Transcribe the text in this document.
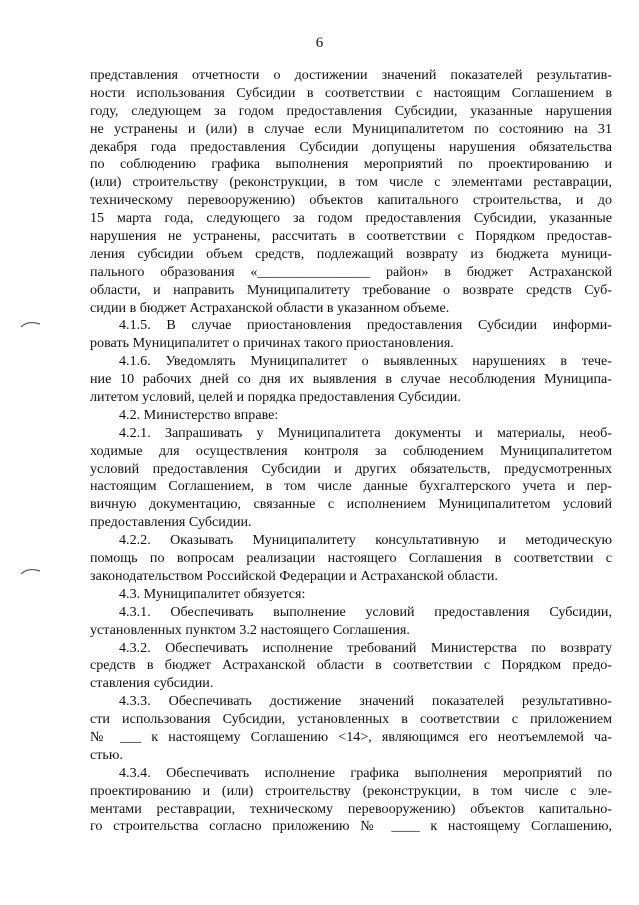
6
представления отчетности о достижении значений показателей результатив-
ности использования Субсидии в соответствии с настоящим Соглашением в
году, следующем за годом предоставления Субсидии, указанные нарушения
не устранены и (или) в случае если Муниципалитетом по состоянию на 31
декабря года предоставления Субсидии допущены нарушения обязательства
по соблюдению графика выполнения мероприятий по проектированию и
(или) строительству (реконструкции, в том числе с элементами реставрации,
техническому перевооружению) объектов капитального строительства, и до
15 марта года, следующего за годом предоставления Субсидии, указанные
нарушения не устранены, рассчитать в соответствии с Порядком предостав-
ления субсидии объем средств, подлежащий возврату из бюджета муници-
пального образования «________________ район» в бюджет Астраханской
области, и направить Муниципалитету требование о возврате средств Суб-
сидии в бюджет Астраханской области в указанном объеме.
4.1.5. В случае приостановления предоставления Субсидии информи-
ровать Муниципалитет о причинах такого приостановления.
4.1.6. Уведомлять Муниципалитет о выявленных нарушениях в тече-
ние 10 рабочих дней со дня их выявления в случае несоблюдения Муниципа-
литетом условий, целей и порядка предоставления Субсидии.
4.2. Министерство вправе:
4.2.1. Запрашивать у Муниципалитета документы и материалы, необ-
ходимые для осуществления контроля за соблюдением Муниципалитетом
условий предоставления Субсидии и других обязательств, предусмотренных
настоящим Соглашением, в том числе данные бухгалтерского учета и пер-
вичную документацию, связанные с исполнением Муниципалитетом условий
предоставления Субсидии.
4.2.2. Оказывать Муниципалитету консультативную и методическую
помощь по вопросам реализации настоящего Соглашения в соответствии с
законодательством Российской Федерации и Астраханской области.
4.3. Муниципалитет обязуется:
4.3.1. Обеспечивать выполнение условий предоставления Субсидии,
установленных пунктом 3.2 настоящего Соглашения.
4.3.2. Обеспечивать исполнение требований Министерства по возврату
средств в бюджет Астраханской области в соответствии с Порядком предо-
ставления субсидии.
4.3.3. Обеспечивать достижение значений показателей результативно-
сти использования Субсидии, установленных в соответствии с приложением
№ ___ к настоящему Соглашению <14>, являющимся его неотъемлемой ча-
стью.
4.3.4. Обеспечивать исполнение графика выполнения мероприятий по
проектированию и (или) строительству (реконструкции, в том числе с эле-
ментами реставрации, техническому перевооружению) объектов капитально-
го строительства согласно приложению № ____ к настоящему Соглашению,
